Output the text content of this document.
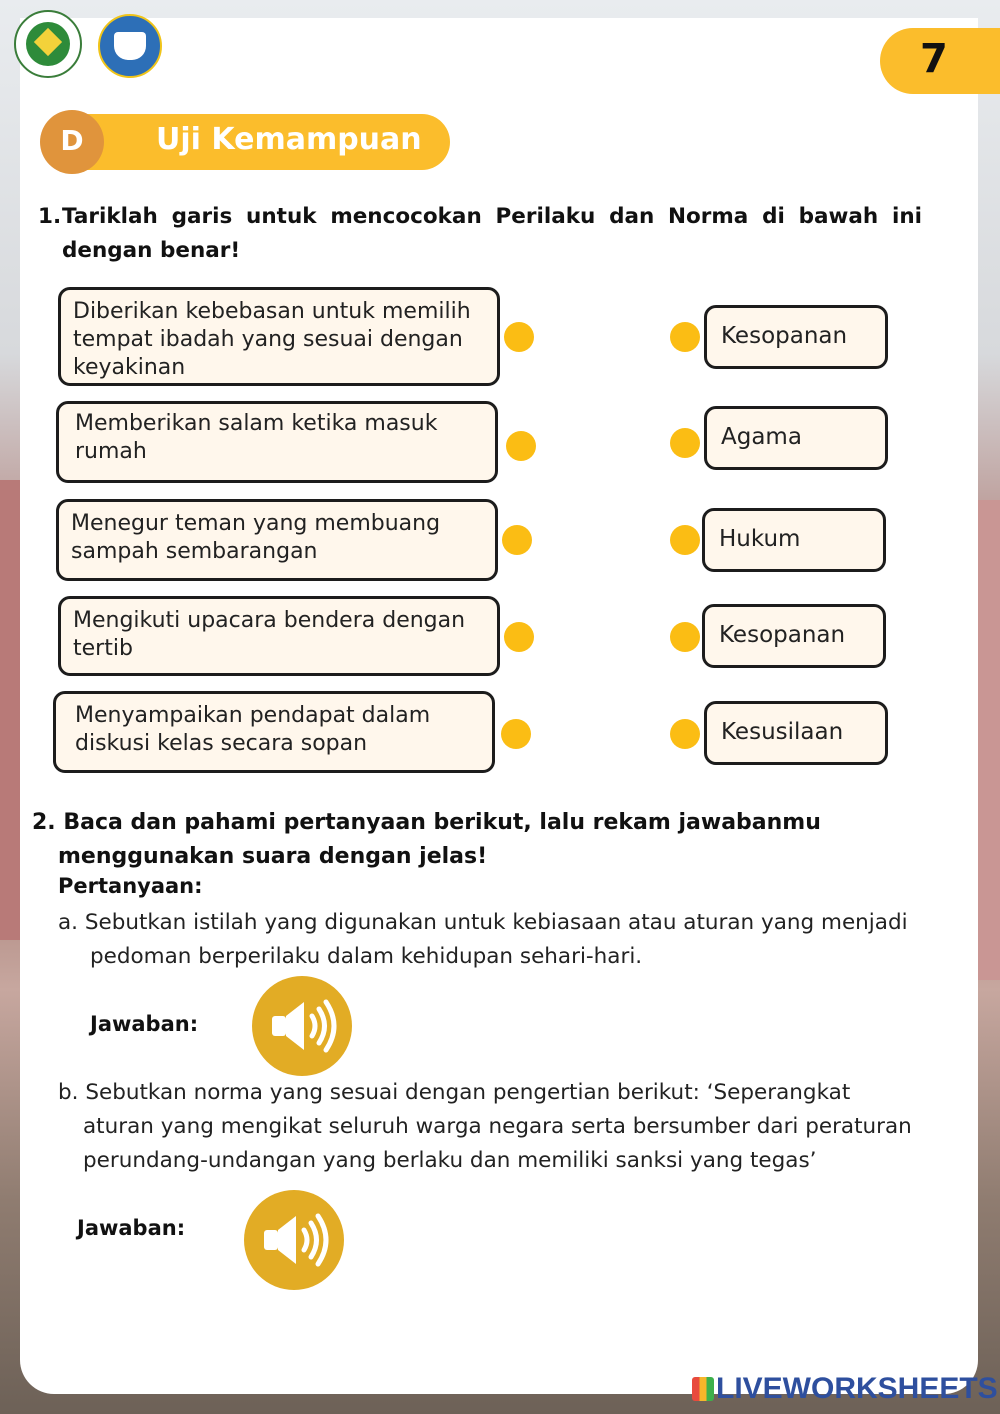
7
D	Uji Kemampuan
1. Tariklah garis untuk mencocokan Perilaku dan Norma di bawah ini dengan benar!
Diberikan kebebasan untuk memilih tempat ibadah yang sesuai dengan keyakinan
Memberikan salam ketika masuk rumah
Menegur teman yang membuang sampah sembarangan
Mengikuti upacara bendera dengan tertib
Menyampaikan pendapat dalam diskusi kelas secara sopan
Kesopanan
Agama
Hukum
Kesopanan
Kesusilaan
2. Baca dan pahami pertanyaan berikut, lalu rekam jawabanmu
menggunakan suara dengan jelas!
Pertanyaan:
a. Sebutkan istilah yang digunakan untuk kebiasaan atau aturan yang menjadi
pedoman berperilaku dalam kehidupan sehari-hari.
Jawaban:
b. Sebutkan norma yang sesuai dengan pengertian berikut: ‘Seperangkat
aturan yang mengikat seluruh warga negara serta bersumber dari peraturan
perundang-undangan yang berlaku dan memiliki sanksi yang tegas’
Jawaban:
LIVEWORKSHEETS
